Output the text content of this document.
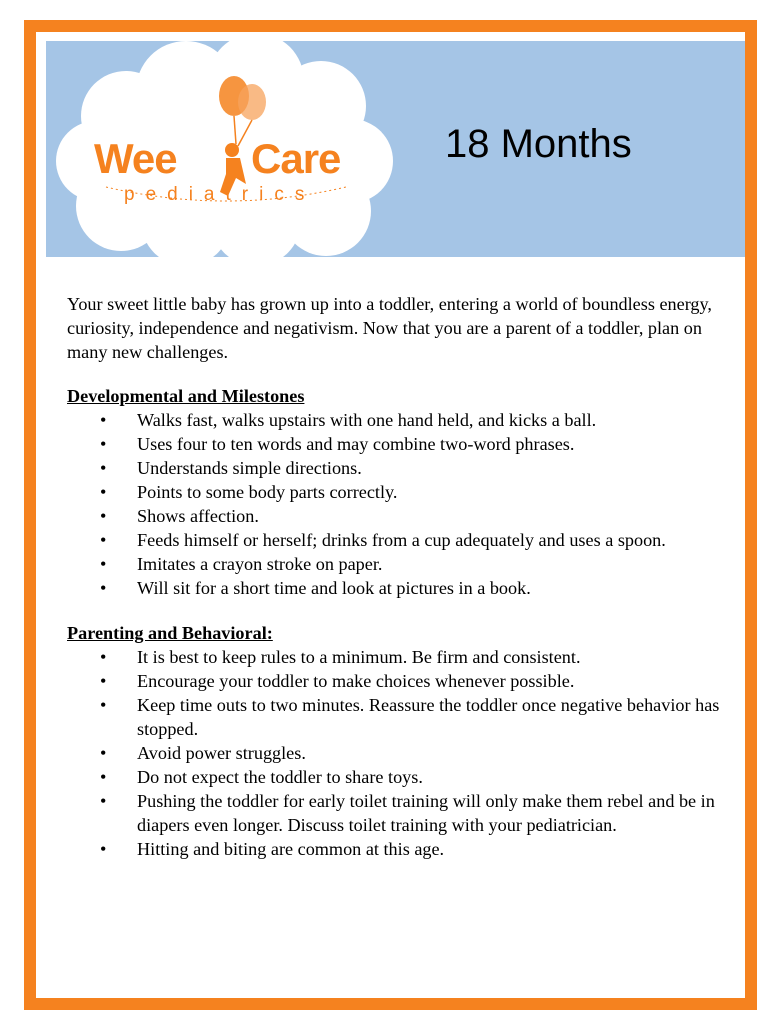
Wee Care
pediatrics
18 Months

Your sweet little baby has grown up into a toddler, entering a world of boundless energy, curiosity, independence and negativism. Now that you are a parent of a toddler, plan on many new challenges.

Developmental and Milestones

• Walks fast, walks upstairs with one hand held, and kicks a ball.
• Uses four to ten words and may combine two-word phrases.
• Understands simple directions.
• Points to some body parts correctly.
• Shows affection.
• Feeds himself or herself; drinks from a cup adequately and uses a spoon.
• Imitates a crayon stroke on paper.
• Will sit for a short time and look at pictures in a book.

Parenting and Behavioral:

• It is best to keep rules to a minimum. Be firm and consistent.
• Encourage your toddler to make choices whenever possible.
• Keep time outs to two minutes. Reassure the toddler once negative behavior has stopped.
• Avoid power struggles.
• Do not expect the toddler to share toys.
• Pushing the toddler for early toilet training will only make them rebel and be in diapers even longer. Discuss toilet training with your pediatrician.
• Hitting and biting are common at this age.
